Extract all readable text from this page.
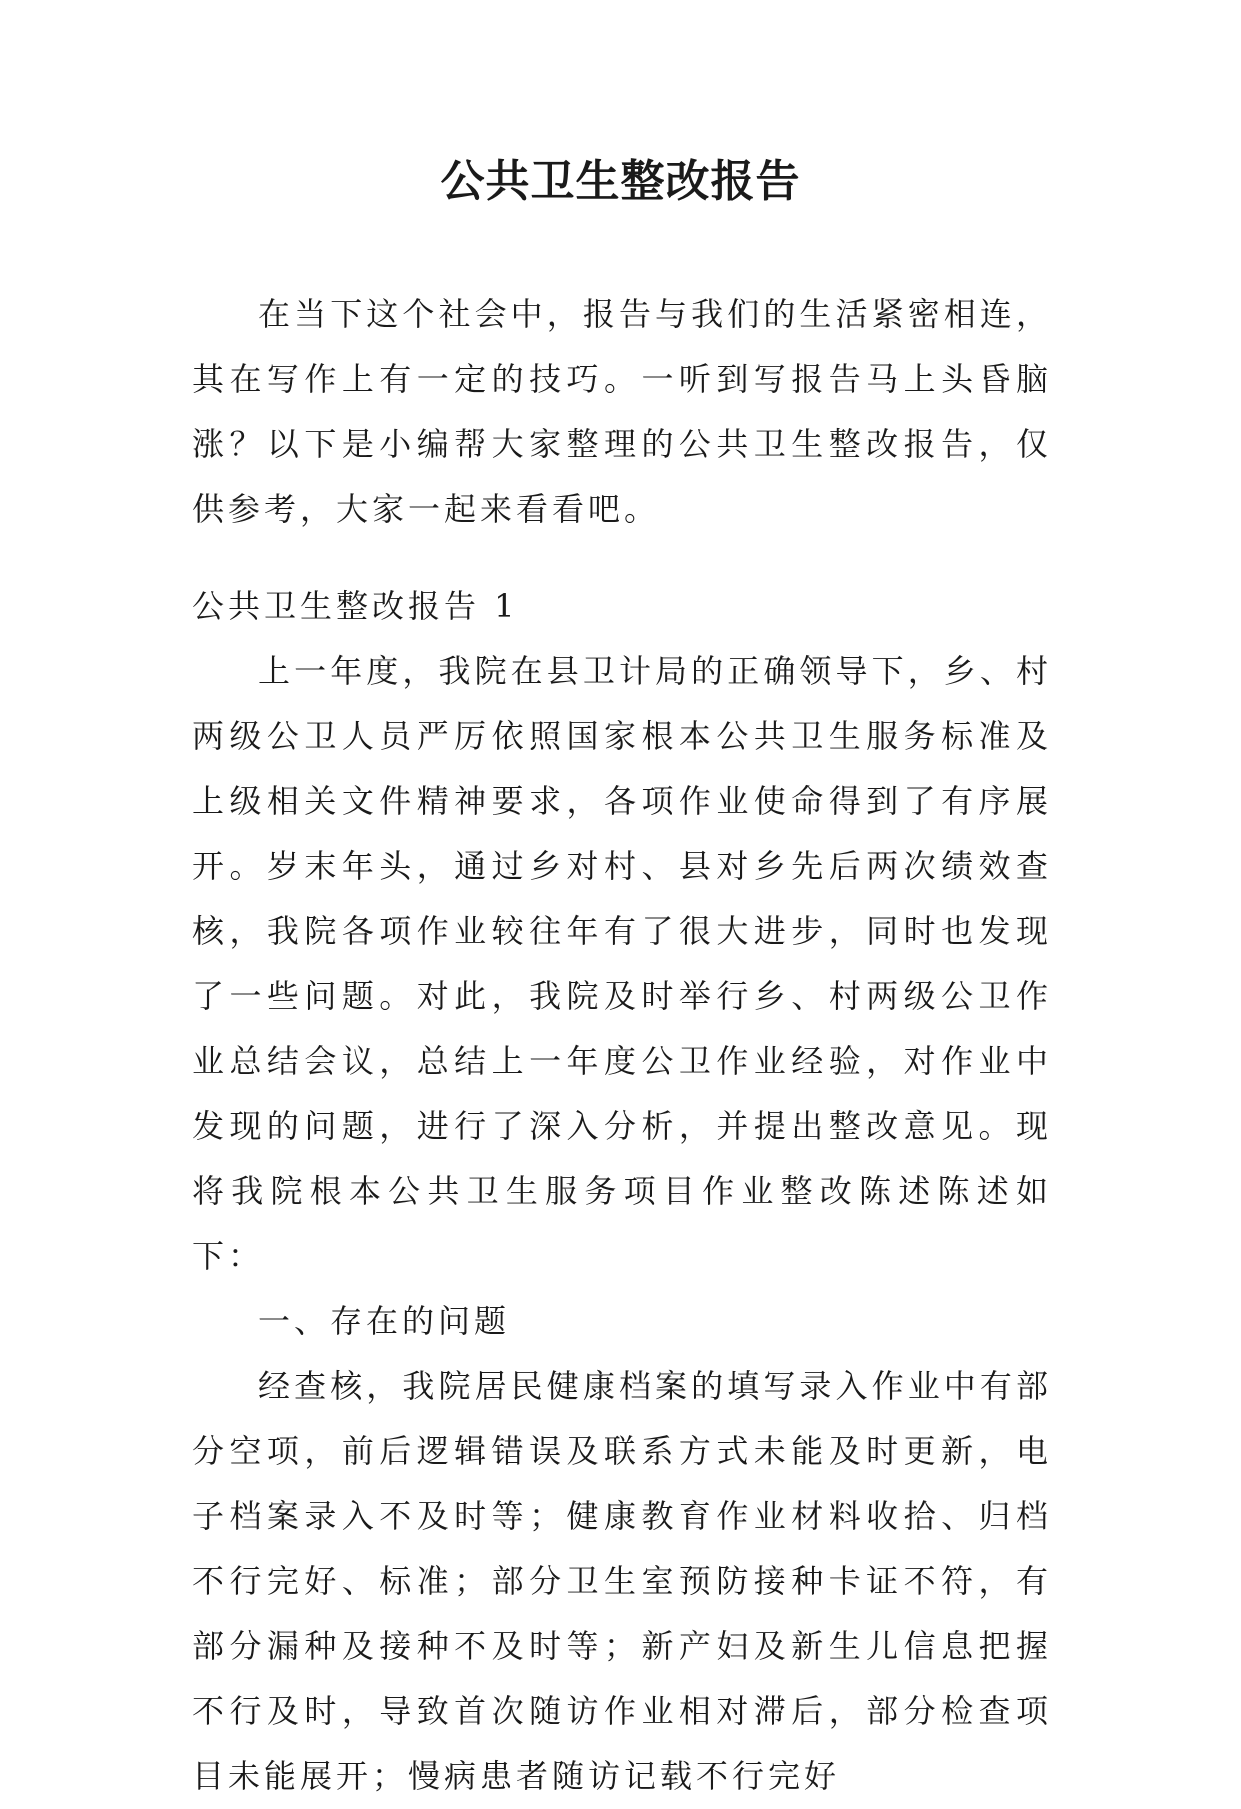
公共卫生整改报告

在当下这个社会中，报告与我们的生活紧密相连，其在写作上有一定的技巧。一听到写报告马上头昏脑涨？以下是小编帮大家整理的公共卫生整改报告，仅供参考，大家一起来看看吧。

公共卫生整改报告 1

上一年度，我院在县卫计局的正确领导下，乡、村两级公卫人员严厉依照国家根本公共卫生服务标准及上级相关文件精神要求，各项作业使命得到了有序展开。岁末年头，通过乡对村、县对乡先后两次绩效查核，我院各项作业较往年有了很大进步，同时也发现了一些问题。对此，我院及时举行乡、村两级公卫作业总结会议，总结上一年度公卫作业经验，对作业中发现的问题，进行了深入分析，并提出整改意见。现将我院根本公共卫生服务项目作业整改陈述陈述如下：

一、存在的问题

经查核，我院居民健康档案的填写录入作业中有部分空项，前后逻辑错误及联系方式未能及时更新，电子档案录入不及时等；健康教育作业材料收拾、归档不行完好、标准；部分卫生室预防接种卡证不符，有部分漏种及接种不及时等；新产妇及新生儿信息把握不行及时，导致首次随访作业相对滞后，部分检查项目未能展开；慢病患者随访记载不行完好
